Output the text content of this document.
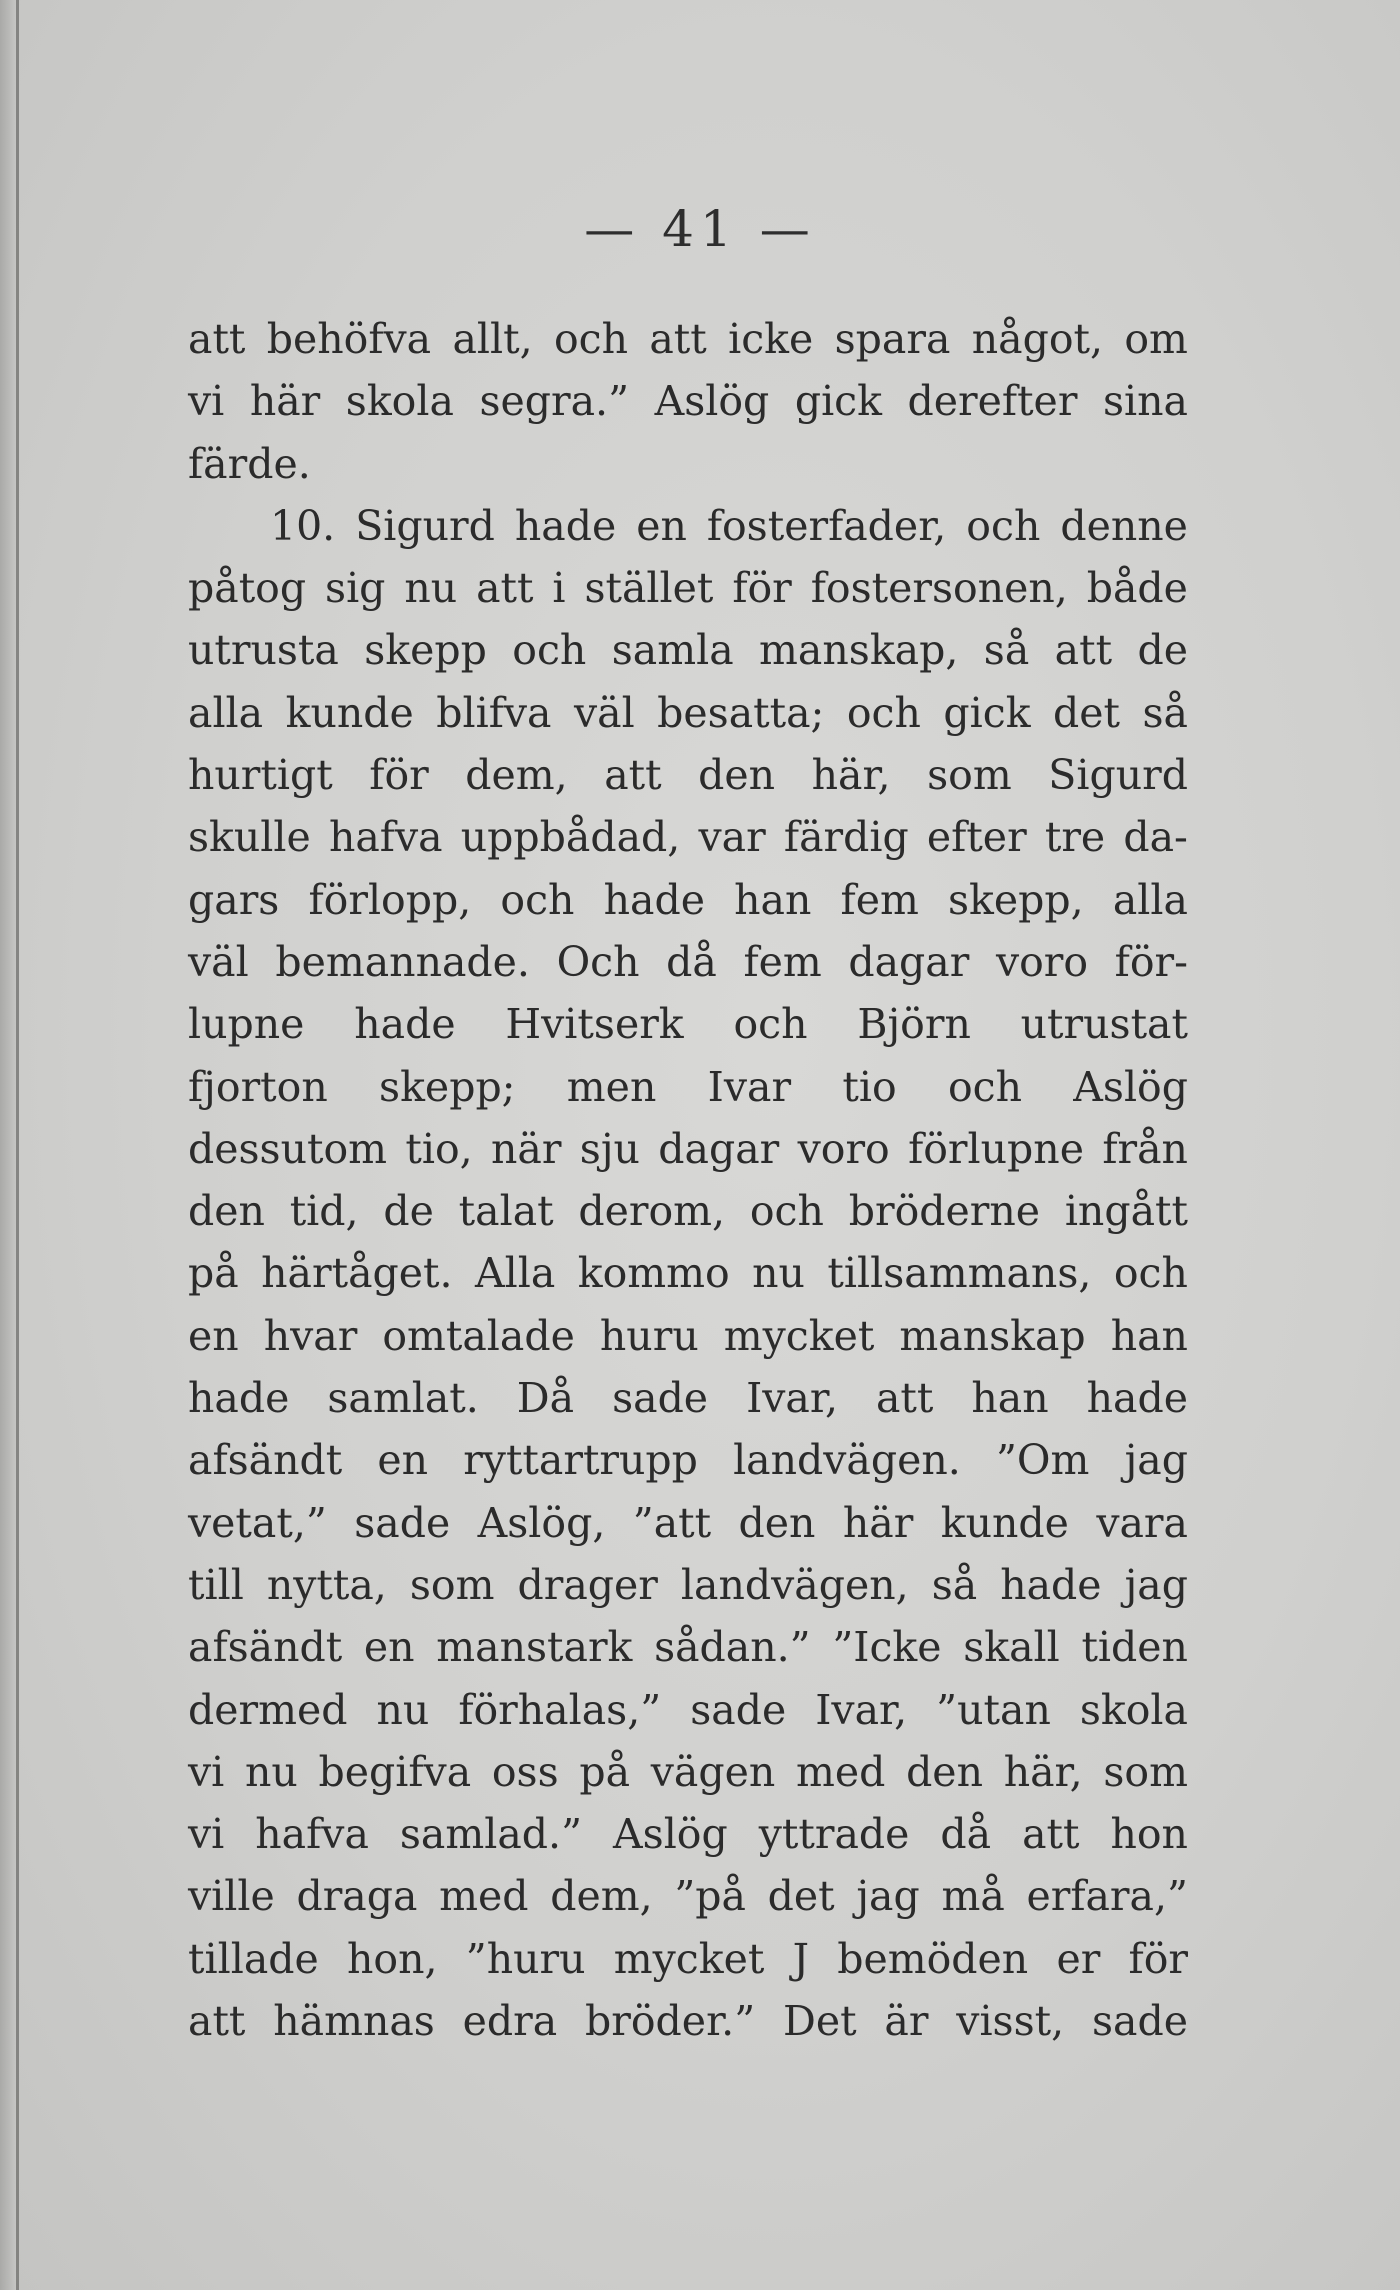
— 41 —
att behöfva allt, och att icke spara något, om
vi här skola segra.” Aslög gick derefter sina
färde.
10. Sigurd hade en fosterfader, och denne
påtog sig nu att i stället för fostersonen, både
utrusta skepp och samla manskap, så att de
alla kunde blifva väl besatta; och gick det så
hurtigt för dem, att den här, som Sigurd
skulle hafva uppbådad, var färdig efter tre da-
gars förlopp, och hade han fem skepp, alla
väl bemannade. Och då fem dagar voro för-
lupne hade Hvitserk och Björn utrustat
fjorton skepp; men Ivar tio och Aslög
dessutom tio, när sju dagar voro förlupne från
den tid, de talat derom, och bröderne ingått
på härtåget. Alla kommo nu tillsammans, och
en hvar omtalade huru mycket manskap han
hade samlat. Då sade Ivar, att han hade
afsändt en ryttartrupp landvägen. ”Om jag
vetat,” sade Aslög, ”att den här kunde vara
till nytta, som drager landvägen, så hade jag
afsändt en manstark sådan.” ”Icke skall tiden
dermed nu förhalas,” sade Ivar, ”utan skola
vi nu begifva oss på vägen med den här, som
vi hafva samlad.” Aslög yttrade då att hon
ville draga med dem, ”på det jag må erfara,”
tillade hon, ”huru mycket J bemöden er för
att hämnas edra bröder.” Det är visst, sade
